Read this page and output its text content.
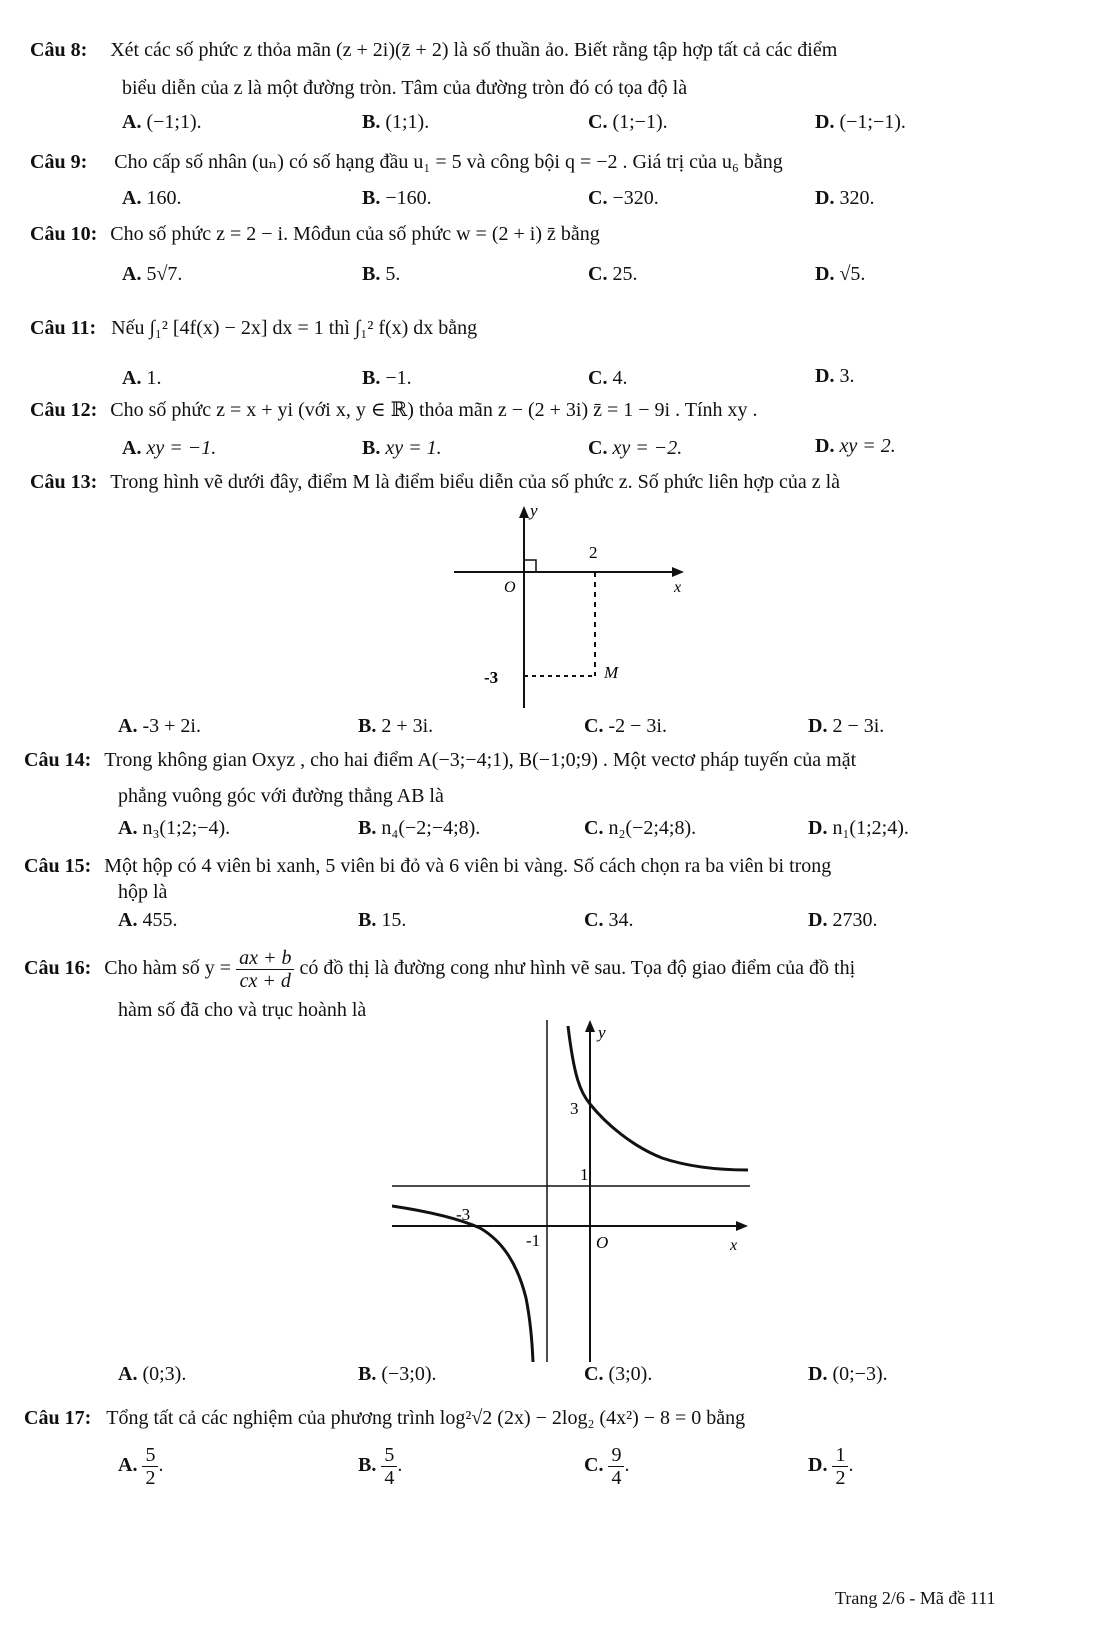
Câu 8: Xét các số phức z thỏa mãn (z + 2i)(z̄ + 2) là số thuần ảo. Biết rằng tập hợp tất cả các điểm
biểu diễn của z là một đường tròn. Tâm của đường tròn đó có tọa độ là
A. (−1;1).	B. (1;1).	C. (1;−1).	D. (−1;−1).
Câu 9: Cho cấp số nhân (uₙ) có số hạng đầu u₁ = 5 và công bội q = −2 . Giá trị của u₆ bằng
A. 160.	B. −160.	C. −320.	D. 320.
Câu 10: Cho số phức z = 2 − i. Môđun của số phức w = (2 + i) z̄ bằng
A. 5√7.	B. 5.	C. 25.	D. √5.
Câu 11: Nếu ∫₁² [4f(x) − 2x] dx = 1 thì ∫₁² f(x) dx bằng
A. 1.	B. −1.	C. 4.	D. 3.
Câu 12: Cho số phức z = x + yi (với x, y ∈ ℝ) thỏa mãn z − (2 + 3i) z̄ = 1 − 9i . Tính xy .
A. xy = −1.	B. xy = 1.	C. xy = −2.	D. xy = 2.
Câu 13: Trong hình vẽ dưới đây, điểm M là điểm biểu diễn của số phức z. Số phức liên hợp của z là
y
x
O
2
-3	M
A. -3 + 2i.	B. 2 + 3i.	C. -2 − 3i.	D. 2 − 3i.
Câu 14: Trong không gian Oxyz , cho hai điểm A(−3;−4;1), B(−1;0;9) . Một vectơ pháp tuyến của mặt
phẳng vuông góc với đường thẳng AB là
A. n₃(1;2;−4).	B. n₄(−2;−4;8).	C. n₂(−2;4;8).	D. n₁(1;2;4).
Câu 15: Một hộp có 4 viên bi xanh, 5 viên bi đỏ và 6 viên bi vàng. Số cách chọn ra ba viên bi trong
hộp là
A. 455.	B. 15.	C. 34.	D. 2730.
Câu 16: Cho hàm số $y = \frac{ax + b}{cx + d}$ có đồ thị là đường cong như hình vẽ sau. Tọa độ giao điểm của đồ thị
hàm số đã cho và trục hoành là
y
x
O
3
1
-3
-1
A. (0;3).	B. (−3;0).	C. (3;0).	D. (0;−3).
Câu 17: Tổng tất cả các nghiệm của phương trình log²√2 (2x) − 2log₂ (4x²) − 8 = 0 bằng
A. $\frac{5}{2}$ .	B. $\frac{5}{4}$ .	C. $\frac{9}{4}$ .	D. $\frac{1}{2}$ .
Trang 2/6 - Mã đề 111
